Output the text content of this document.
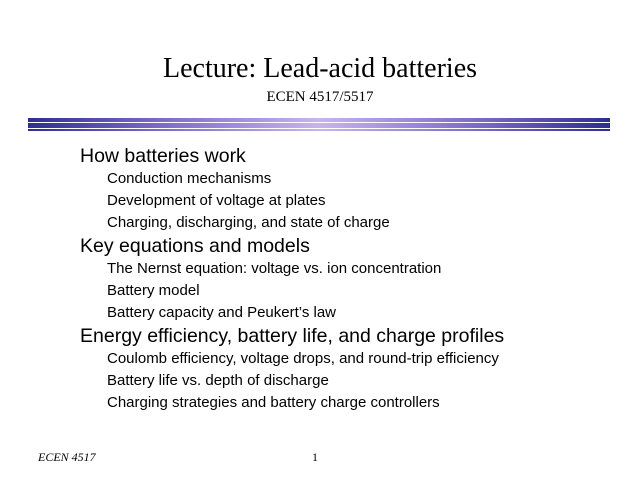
Lecture: Lead-acid batteries
ECEN 4517/5517
How batteries work
Conduction mechanisms
Development of voltage at plates
Charging, discharging, and state of charge
Key equations and models
The Nernst equation: voltage vs. ion concentration
Battery model
Battery capacity and Peukert’s law
Energy efficiency, battery life, and charge profiles
Coulomb efficiency, voltage drops, and round-trip efficiency
Battery life vs. depth of discharge
Charging strategies and battery charge controllers
ECEN 4517	1
